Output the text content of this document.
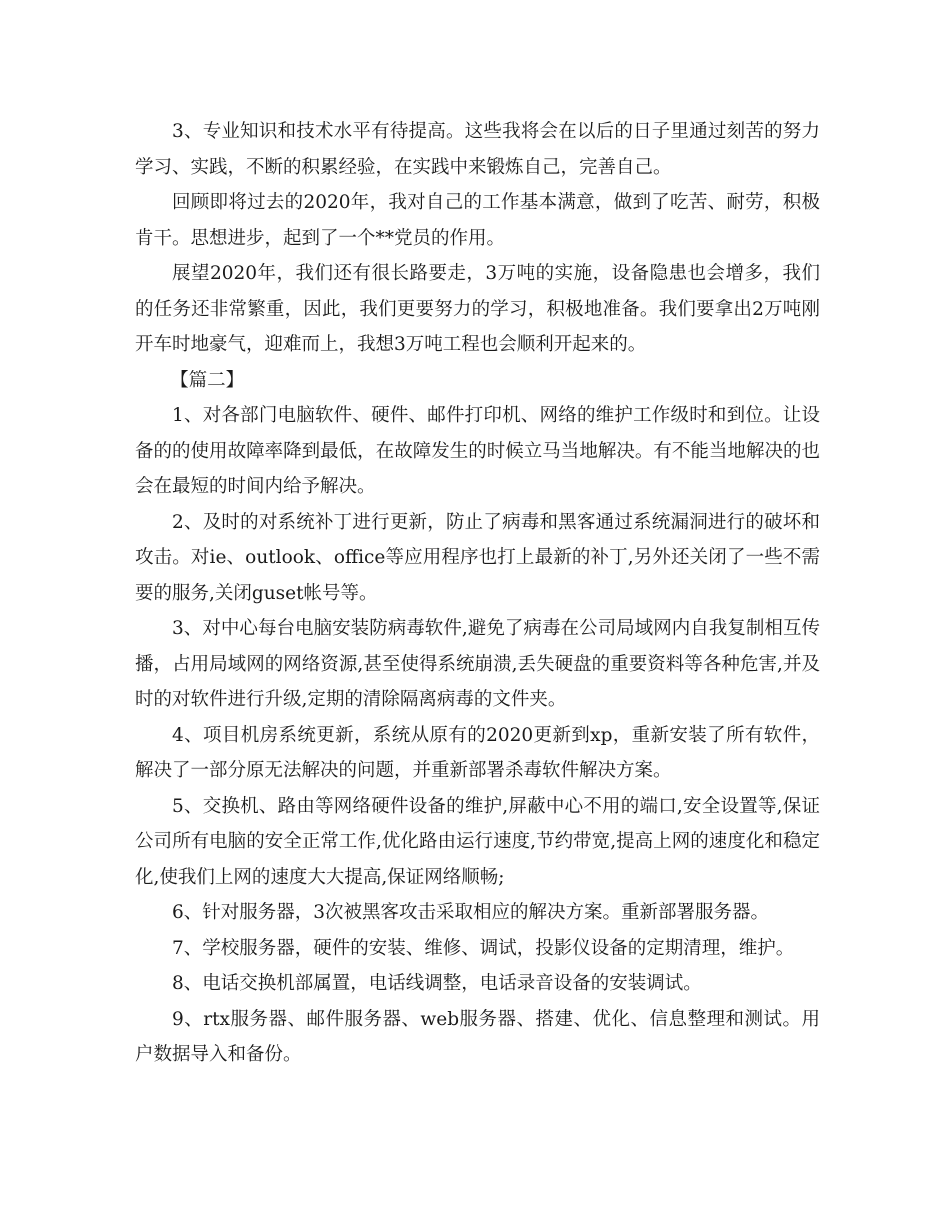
3、专业知识和技术水平有待提高。这些我将会在以后的日子里通过刻苦的努力学习、实践，不断的积累经验，在实践中来锻炼自己，完善自己。

回顾即将过去的2020年，我对自己的工作基本满意，做到了吃苦、耐劳，积极肯干。思想进步，起到了一个**党员的作用。

展望2020年，我们还有很长路要走，3万吨的实施，设备隐患也会增多，我们的任务还非常繁重，因此，我们更要努力的学习，积极地准备。我们要拿出2万吨刚开车时地豪气，迎难而上，我想3万吨工程也会顺利开起来的。

【篇二】

1、对各部门电脑软件、硬件、邮件打印机、网络的维护工作级时和到位。让设备的的使用故障率降到最低，在故障发生的时候立马当地解决。有不能当地解决的也会在最短的时间内给予解决。

2、及时的对系统补丁进行更新，防止了病毒和黑客通过系统漏洞进行的破坏和攻击。对ie、outlook、office等应用程序也打上最新的补丁,另外还关闭了一些不需要的服务,关闭guset帐号等。

3、对中心每台电脑安装防病毒软件,避免了病毒在公司局域网内自我复制相互传播，占用局域网的网络资源,甚至使得系统崩溃,丢失硬盘的重要资料等各种危害,并及时的对软件进行升级,定期的清除隔离病毒的文件夹。

4、项目机房系统更新，系统从原有的2020更新到xp，重新安装了所有软件，解决了一部分原无法解决的问题，并重新部署杀毒软件解决方案。

5、交换机、路由等网络硬件设备的维护,屏蔽中心不用的端口,安全设置等,保证公司所有电脑的安全正常工作,优化路由运行速度,节约带宽,提高上网的速度化和稳定化,使我们上网的速度大大提高,保证网络顺畅;

6、针对服务器，3次被黑客攻击采取相应的解决方案。重新部署服务器。

7、学校服务器，硬件的安装、维修、调试，投影仪设备的定期清理，维护。

8、电话交换机部属置，电话线调整，电话录音设备的安装调试。

9、rtx服务器、邮件服务器、web服务器、搭建、优化、信息整理和测试。用户数据导入和备份。
